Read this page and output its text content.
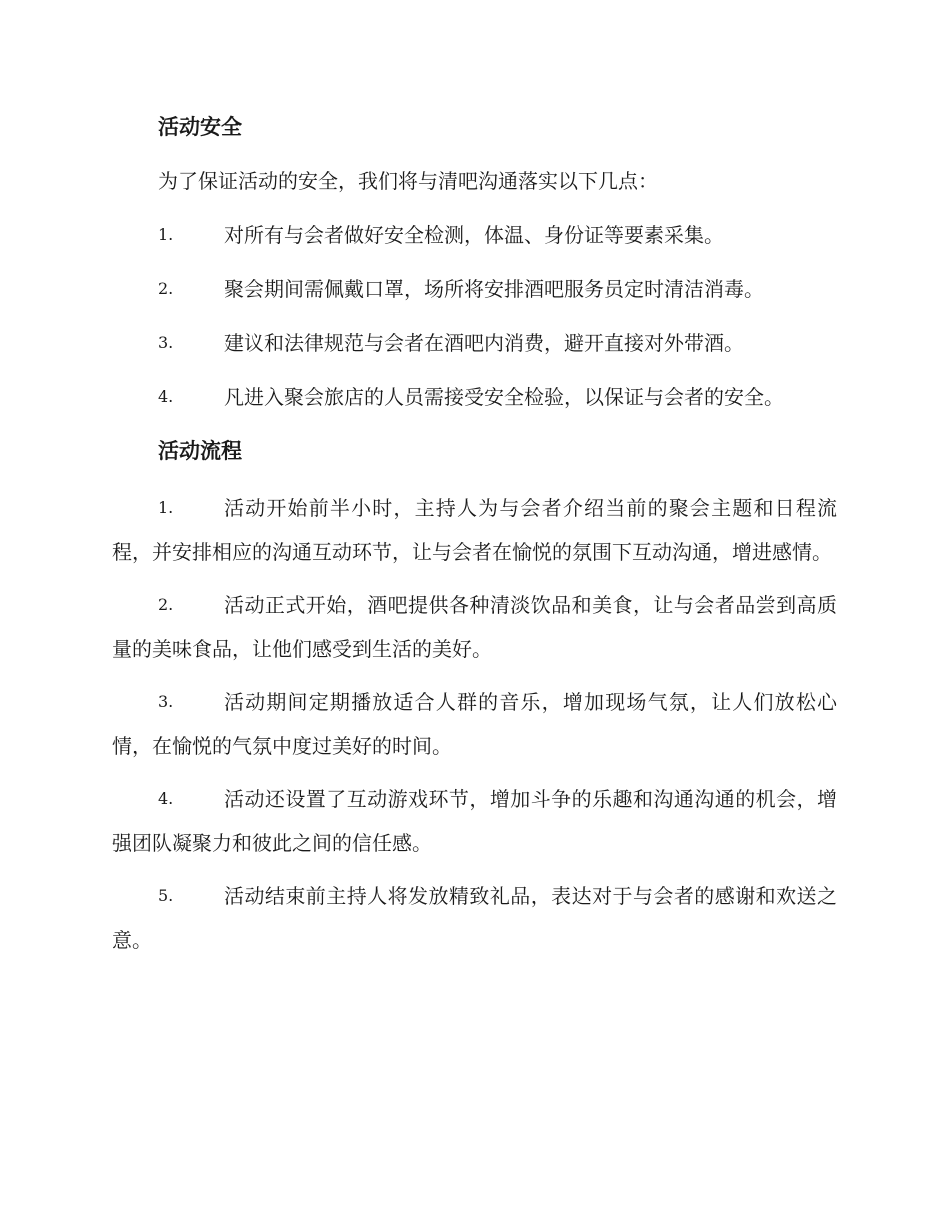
活动安全
为了保证活动的安全，我们将与清吧沟通落实以下几点：
1.	对所有与会者做好安全检测，体温、身份证等要素采集。
2.	聚会期间需佩戴口罩，场所将安排酒吧服务员定时清洁消毒。
3.	建议和法律规范与会者在酒吧内消费，避开直接对外带酒。
4.	凡进入聚会旅店的人员需接受安全检验，以保证与会者的安全。
活动流程
1.	活动开始前半小时，主持人为与会者介绍当前的聚会主题和日程流程，并安排相应的沟通互动环节，让与会者在愉悦的氛围下互动沟通，增进感情。
2.	活动正式开始，酒吧提供各种清淡饮品和美食，让与会者品尝到高质量的美味食品，让他们感受到生活的美好。
3.	活动期间定期播放适合人群的音乐，增加现场气氛，让人们放松心情，在愉悦的气氛中度过美好的时间。
4.	活动还设置了互动游戏环节，增加斗争的乐趣和沟通沟通的机会，增强团队凝聚力和彼此之间的信任感。
5.	活动结束前主持人将发放精致礼品，表达对于与会者的感谢和欢送之意。
